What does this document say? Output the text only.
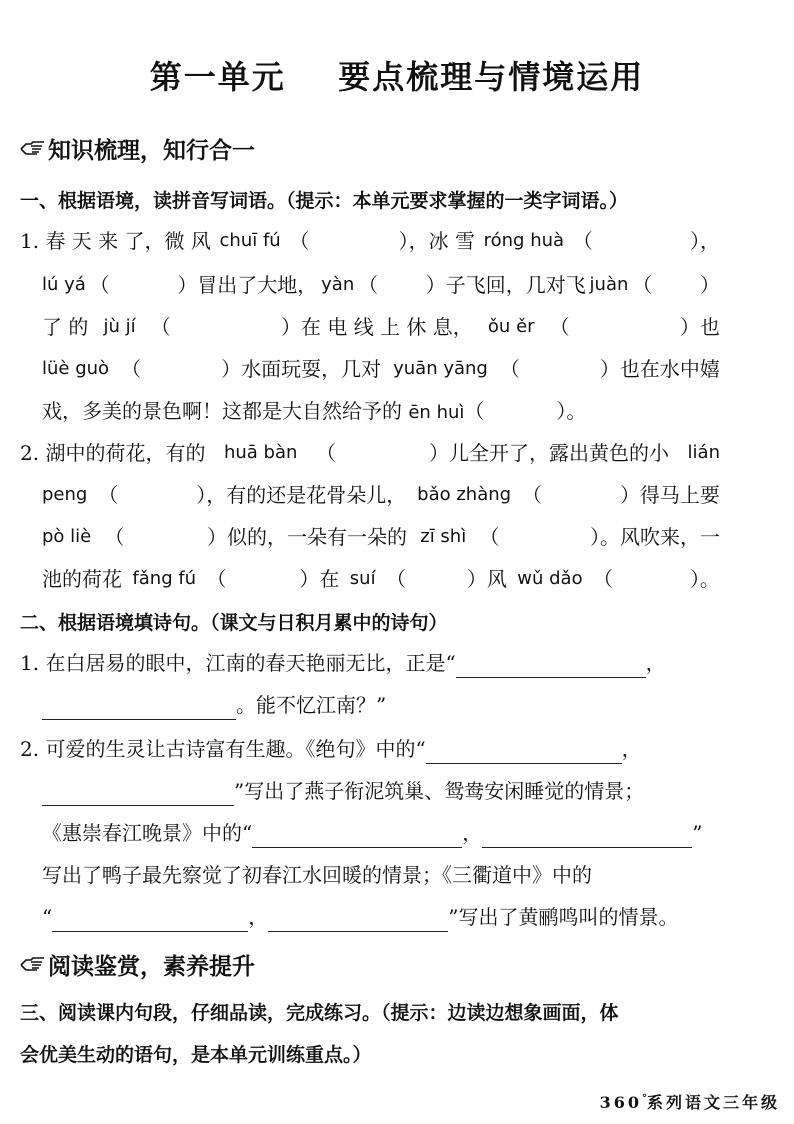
第一单元    要点梳理与情境运用
知识梳理，知行合一
一、根据语境，读拼音写词语。（提示：本单元要求掌握的一类字词语。）
1. 春 天 来 了，微 风 chuī fú （	），冰 雪 róng huà （	），
lú yá （	）冒出了大地， yàn （ ）子飞回，几对飞 juàn （ ）
了 的 jù jí （	）在 电 线 上 休 息， ǒu ěr （	）也
lüè guò （	）水面玩耍，几对 yuān yāng （	）也在水中嬉
戏，多美的景色啊！这都是大自然给予的 ēn huì（	）。
2. 湖中的荷花，有的 huā bàn （	）儿全开了，露出黄色的小 lián
peng （	），有的还是花骨朵儿， bǎo zhàng （	）得马上要
pò liè （	）似的，一朵有一朵的 zī shì （	）。风吹来，一
池的荷花 fǎng fú （	）在 suí （	）风 wǔ dǎo （	）。
二、根据语境填诗句。（课文与日积月累中的诗句）
1. 在白居易的眼中，江南的春天艳丽无比，正是“	，
。能不忆江南？”
2. 可爱的生灵让古诗富有生趣。《绝句》中的“	，
”写出了燕子衔泥筑巢、鸳鸯安闲睡觉的情景；
《惠崇春江晚景》中的“	，	”
写出了鸭子最先察觉了初春江水回暖的情景；《三衢道中》中的
“	，	”写出了黄鹂鸣叫的情景。
阅读鉴赏，素养提升
三、阅读课内句段，仔细品读，完成练习。（提示：边读边想象画面，体
会优美生动的语句，是本单元训练重点。）
360°系列语文三年级
